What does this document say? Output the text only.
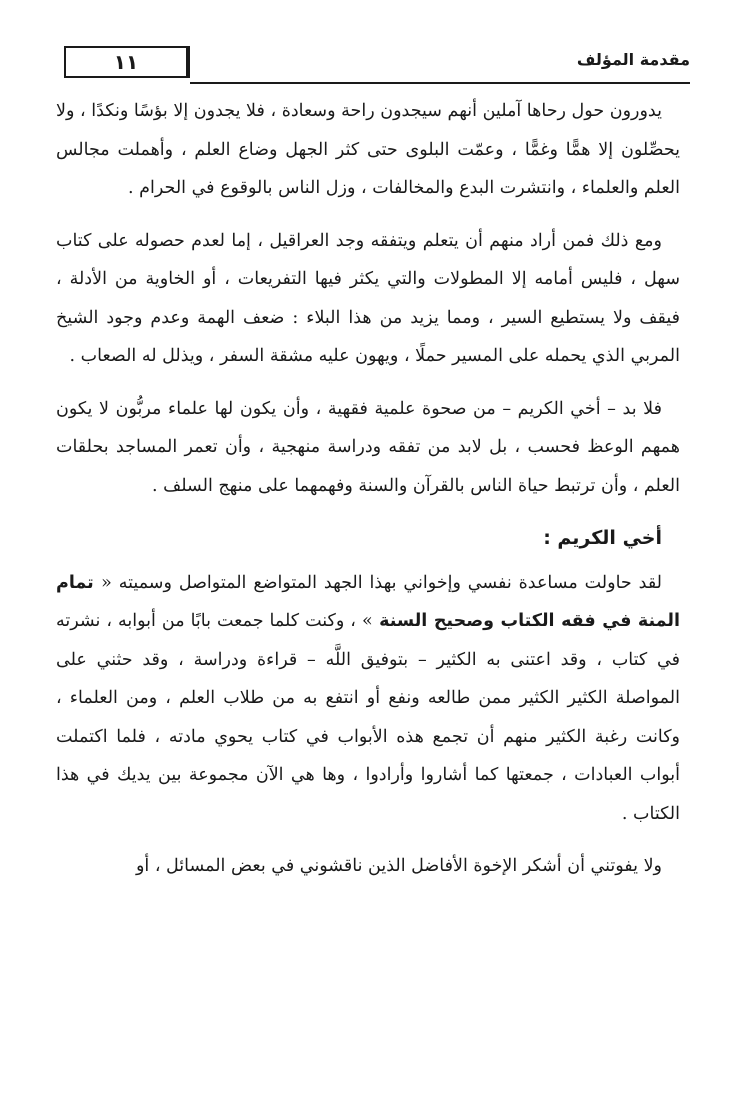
١١	مقدمة المؤلف

يدورون حول رحاها آملين أنهم سيجدون راحة وسعادة ، فلا يجدون إلا بؤسًا ونكدًا ، ولا يحصِّلون إلا همًّا وغمًّا ، وعمّت البلوى حتى كثر الجهل وضاع العلم ، وأهملت مجالس العلم والعلماء ، وانتشرت البدع والمخالفات ، وزل الناس بالوقوع في الحرام .

ومع ذلك فمن أراد منهم أن يتعلم ويتفقه وجد العراقيل ، إما لعدم حصوله على كتاب سهل ، فليس أمامه إلا المطولات والتي يكثر فيها التفريعات ، أو الخاوية من الأدلة ، فيقف ولا يستطيع السير ، ومما يزيد من هذا البلاء : ضعف الهمة وعدم وجود الشيخ المربي الذي يحمله على المسير حملًا ، ويهون عليه مشقة السفر ، ويذلل له الصعاب .

فلا بد – أخي الكريم – من صحوة علمية فقهية ، وأن يكون لها علماء مربُّون لا يكون همهم الوعظ فحسب ، بل لابد من تفقه ودراسة منهجية ، وأن تعمر المساجد بحلقات العلم ، وأن ترتبط حياة الناس بالقرآن والسنة وفهمهما على منهج السلف .

أخي الكريم :

لقد حاولت مساعدة نفسي وإخواني بهذا الجهد المتواضع المتواصل وسميته « تمام المنة في فقه الكتاب وصحيح السنة » ، وكنت كلما جمعت بابًا من أبوابه ، نشرته في كتاب ، وقد اعتنى به الكثير – بتوفيق اللَّه – قراءة ودراسة ، وقد حثني على المواصلة الكثير الكثير ممن طالعه ونفع أو انتفع به من طلاب العلم ، ومن العلماء ، وكانت رغبة الكثير منهم أن تجمع هذه الأبواب في كتاب يحوي مادته ، فلما اكتملت أبواب العبادات ، جمعتها كما أشاروا وأرادوا ، وها هي الآن مجموعة بين يديك في هذا الكتاب .

ولا يفوتني أن أشكر الإخوة الأفاضل الذين ناقشوني في بعض المسائل ، أو
